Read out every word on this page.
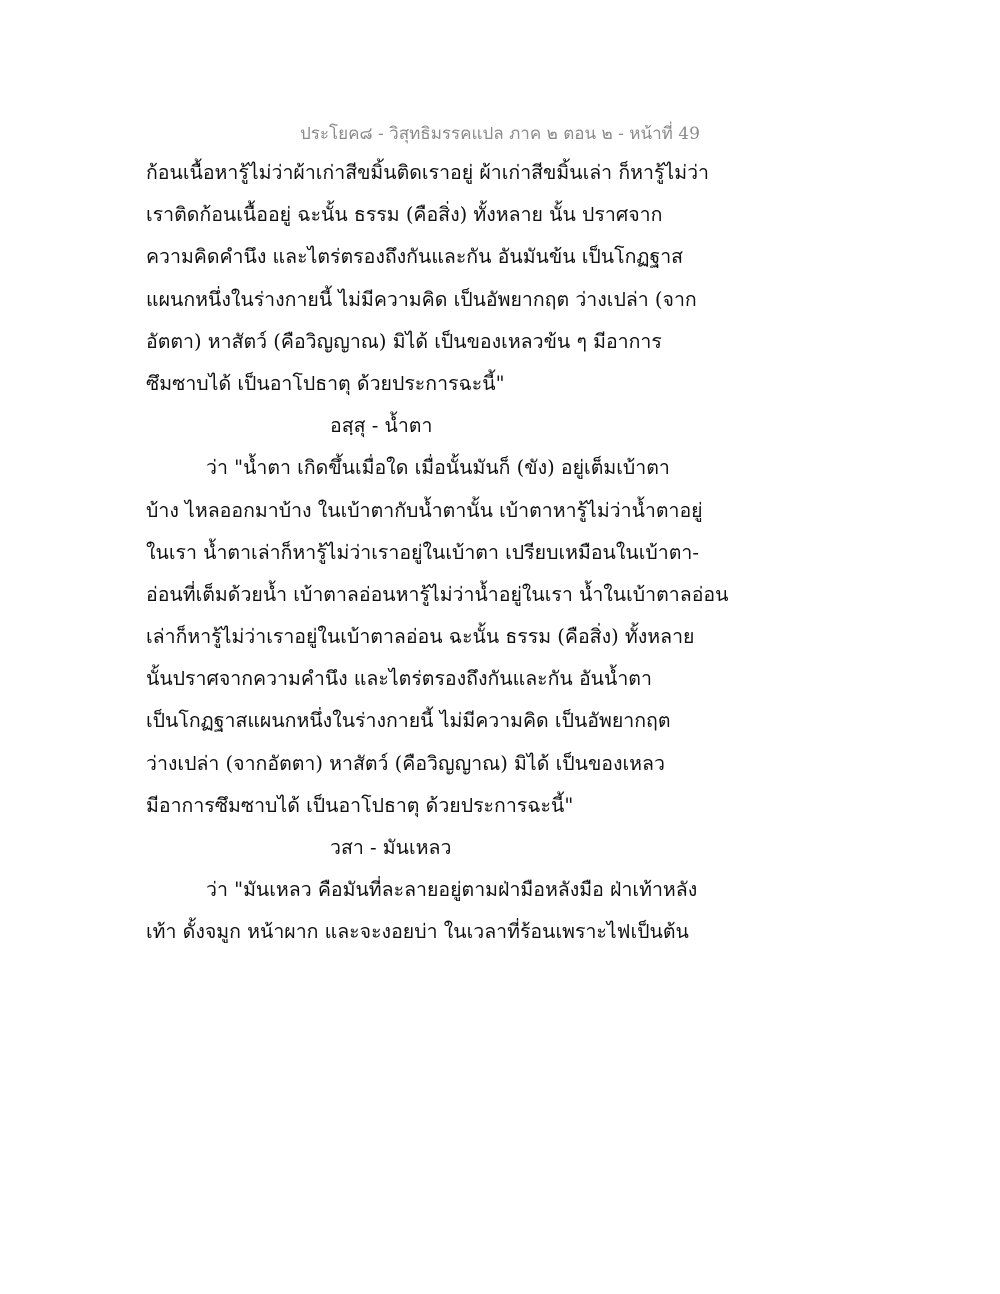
ประโยค๘ - วิสุทธิมรรคแปล ภาค ๒ ตอน ๒ - หน้าที่ 49
ก้อนเนื้อหารู้ไม่ว่าผ้าเก่าสีขมิ้นติดเราอยู่ ผ้าเก่าสีขมิ้นเล่า ก็หารู้ไม่ว่า
เราติดก้อนเนื้ออยู่ ฉะนั้น ธรรม (คือสิ่ง) ทั้งหลาย นั้น ปราศจาก
ความคิดคำนึง และไตร่ตรองถึงกันและกัน อันมันข้น เป็นโกฏฐาส
แผนกหนึ่งในร่างกายนี้ ไม่มีความคิด เป็นอัพยากฤต ว่างเปล่า (จาก
อัตตา) หาสัตว์ (คือวิญญาณ) มิได้ เป็นของเหลวข้น ๆ มีอาการ
ซึมซาบได้ เป็นอาโปธาตุ ด้วยประการฉะนี้"
อสฺสุ - น้ำตา
ว่า "น้ำตา เกิดขึ้นเมื่อใด เมื่อนั้นมันก็ (ขัง) อยู่เต็มเบ้าตา
บ้าง ไหลออกมาบ้าง ในเบ้าตากับน้ำตานั้น เบ้าตาหารู้ไม่ว่าน้ำตาอยู่
ในเรา น้ำตาเล่าก็หารู้ไม่ว่าเราอยู่ในเบ้าตา เปรียบเหมือนในเบ้าตา-
อ่อนที่เต็มด้วยน้ำ เบ้าตาลอ่อนหารู้ไม่ว่าน้ำอยู่ในเรา น้ำในเบ้าตาลอ่อน
เล่าก็หารู้ไม่ว่าเราอยู่ในเบ้าตาลอ่อน ฉะนั้น ธรรม (คือสิ่ง) ทั้งหลาย
นั้นปราศจากความคำนึง และไตร่ตรองถึงกันและกัน อันน้ำตา
เป็นโกฏฐาสแผนกหนึ่งในร่างกายนี้ ไม่มีความคิด เป็นอัพยากฤต
ว่างเปล่า (จากอัตตา) หาสัตว์ (คือวิญญาณ) มิได้ เป็นของเหลว
มีอาการซึมซาบได้ เป็นอาโปธาตุ ด้วยประการฉะนี้"
วสา - มันเหลว
ว่า "มันเหลว คือมันที่ละลายอยู่ตามฝ่ามือหลังมือ ฝ่าเท้าหลัง
เท้า ดั้งจมูก หน้าผาก และจะงอยบ่า ในเวลาที่ร้อนเพราะไฟเป็นต้น
